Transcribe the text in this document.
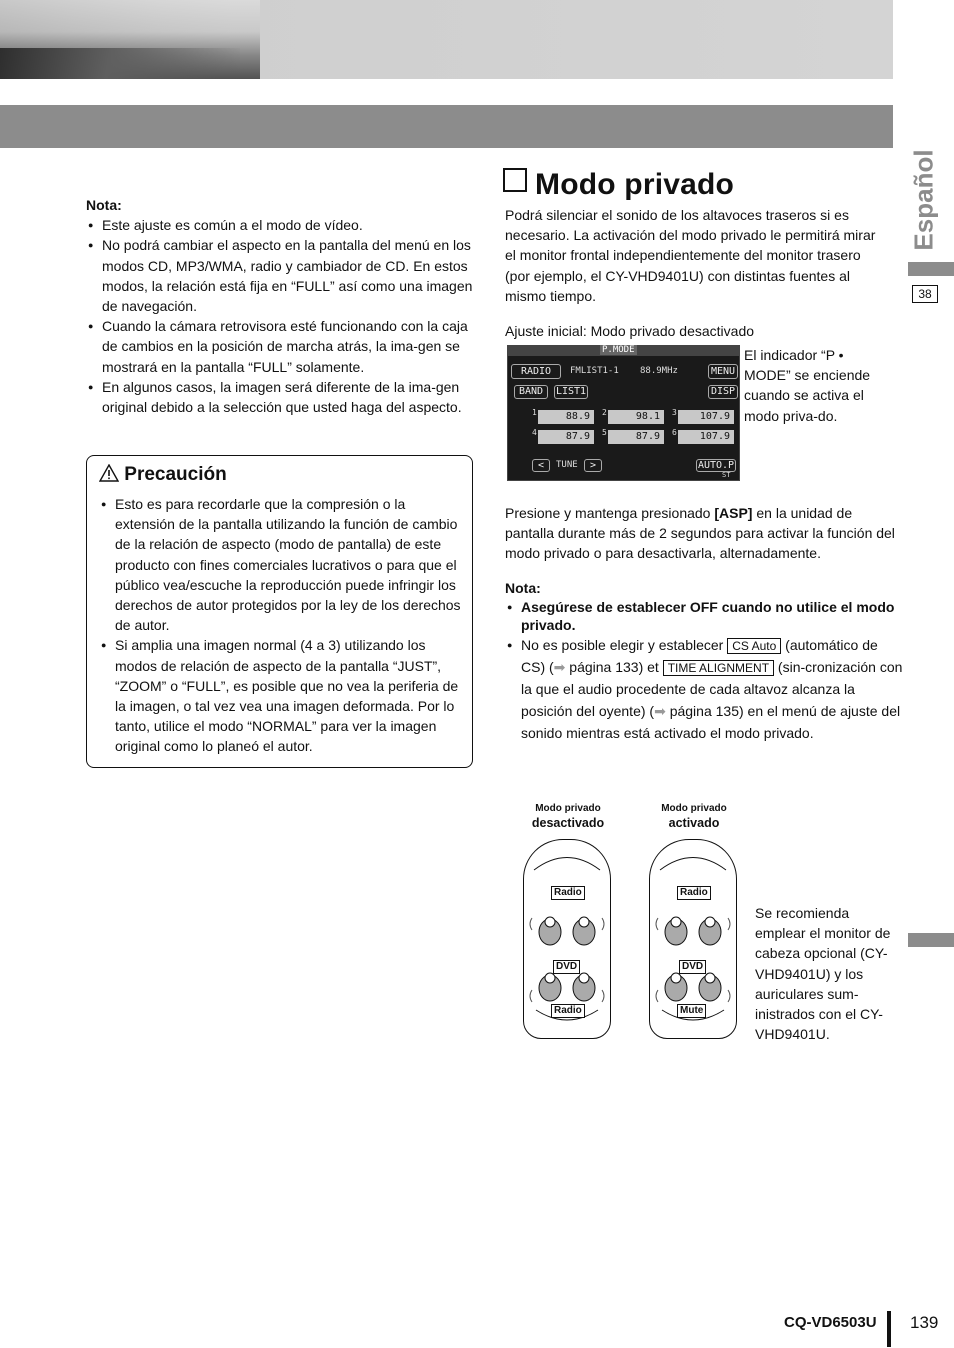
Español
38
Nota:
● Este ajuste es común a el modo de vídeo.
● No podrá cambiar el aspecto en la pantalla del menú en los modos CD, MP3/WMA, radio y cambiador de CD. En estos modos, la relación está fija en “FULL” así como una imagen de navegación.
● Cuando la cámara retrovisora esté funcionando con la caja de cambios en la posición de marcha atrás, la ima-gen se mostrará en la pantalla “FULL” solamente.
● En algunos casos, la imagen será diferente de la ima-gen original debido a la selección que usted haga del aspecto.
Precaución
● Esto es para recordarle que la compresión o la extensión de la pantalla utilizando la función de cambio de la relación de aspecto (modo de pantalla) de este producto con fines comerciales lucrativos o para que el público vea/escuche la reproducción puede infringir los derechos de autor protegidos por la ley de los derechos de autor.
● Si amplia una imagen normal (4 a 3) utilizando los modos de relación de aspecto de la pantalla “JUST”, “ZOOM” o “FULL”, es posible que no vea la periferia de la imagen, o tal vez vea una imagen deformada. Por lo tanto, utilice el modo “NORMAL” para ver la imagen original como lo planeó el autor.
Modo privado
Podrá silenciar el sonido de los altavoces traseros si es necesario. La activación del modo privado le permitirá mirar el monitor frontal independientemente del monitor trasero (por ejemplo, el CY-VHD9401U) con distintas fuentes al mismo tiempo.
Ajuste inicial: Modo privado desactivado
P.MODE
RADIO	FMLIST1-1 88.9MHz	MENU
BAND	LIST1	DISP
1	88.9	2	98.1	3	107.9
4	87.9	5	87.9	6	107.9
<	TUNE	>	AUTO.P
ST
El indicador “P • MODE” se enciende cuando se activa el modo priva-do.
Presione y mantenga presionado [ASP] en la unidad de pantalla durante más de 2 segundos para activar la función del modo privado o para desactivarla, alternadamente.
Nota:
● Asegúrese de establecer OFF cuando no utilice el modo privado.
● No es posible elegir y establecer CS Auto (automático de CS) (➡ página 133) et TIME ALIGNMENT (sin-cronización con la que el audio procedente de cada altavoz alcanza la posición del oyente) (➡ página 135) en el menú de ajuste del sonido mientras está activado el modo privado.
Modo privado
desactivado
Radio
DVD
Radio
Modo privado
activado
Radio
DVD
Mute
Se recomienda emplear el monitor de cabeza opcional (CY-VHD9401U) y los auriculares sum-inistrados con el CY-VHD9401U.
CQ-VD6503U 139
